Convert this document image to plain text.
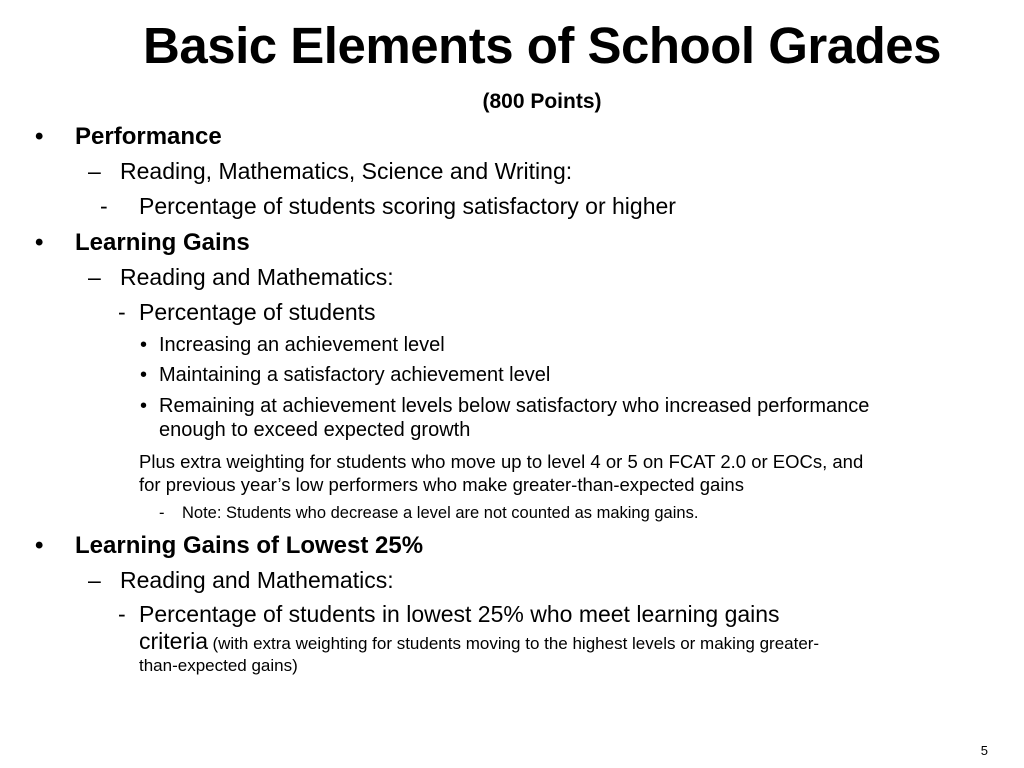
Basic Elements of School Grades
(800 Points)
• Performance
– Reading, Mathematics, Science and Writing:
- Percentage of students scoring satisfactory or higher
• Learning Gains
– Reading and Mathematics:
- Percentage of students
• Increasing an achievement level
• Maintaining a satisfactory achievement level
• Remaining at achievement levels below satisfactory who increased performance
enough to exceed expected growth
Plus extra weighting for students who move up to level 4 or 5 on FCAT 2.0 or EOCs, and
for previous year’s low performers who make greater-than-expected gains
- Note: Students who decrease a level are not counted as making gains.
• Learning Gains of Lowest 25%
– Reading and Mathematics:
- Percentage of students in lowest 25% who meet learning gains
criteria (with extra weighting for students moving to the highest levels or making greater-
than-expected gains)
5
